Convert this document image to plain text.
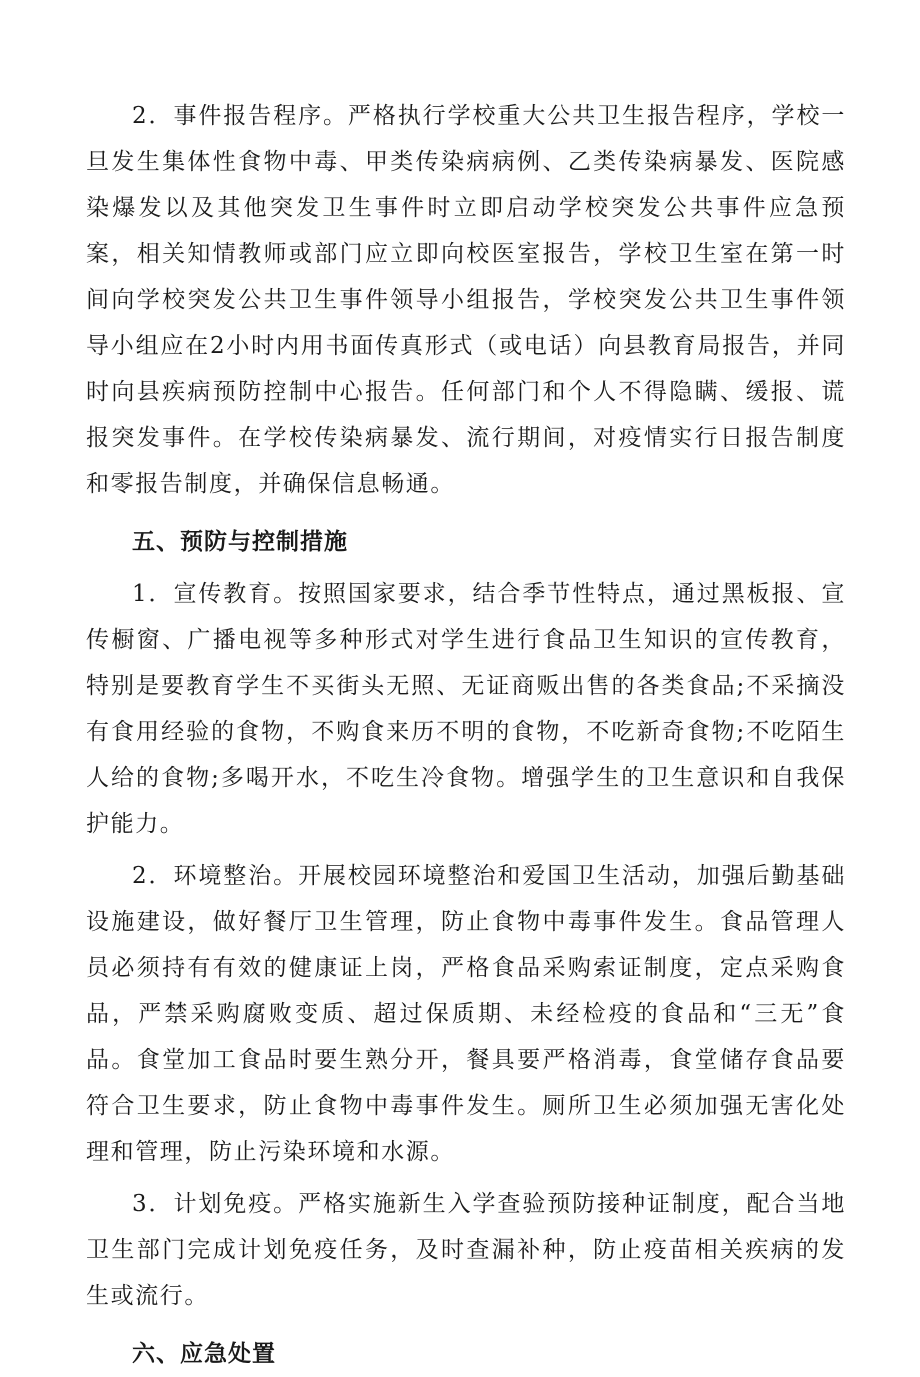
2．事件报告程序。严格执行学校重大公共卫生报告程序，学校一旦发生集体性食物中毒、甲类传染病病例、乙类传染病暴发、医院感染爆发以及其他突发卫生事件时立即启动学校突发公共事件应急预案，相关知情教师或部门应立即向校医室报告，学校卫生室在第一时间向学校突发公共卫生事件领导小组报告，学校突发公共卫生事件领导小组应在2小时内用书面传真形式（或电话）向县教育局报告，并同时向县疾病预防控制中心报告。任何部门和个人不得隐瞒、缓报、谎报突发事件。在学校传染病暴发、流行期间，对疫情实行日报告制度和零报告制度，并确保信息畅通。

五、预防与控制措施

1．宣传教育。按照国家要求，结合季节性特点，通过黑板报、宣传橱窗、广播电视等多种形式对学生进行食品卫生知识的宣传教育，特别是要教育学生不买街头无照、无证商贩出售的各类食品;不采摘没有食用经验的食物，不购食来历不明的食物，不吃新奇食物;不吃陌生人给的食物;多喝开水，不吃生冷食物。增强学生的卫生意识和自我保护能力。

2．环境整治。开展校园环境整治和爱国卫生活动，加强后勤基础设施建设，做好餐厅卫生管理，防止食物中毒事件发生。食品管理人员必须持有有效的健康证上岗，严格食品采购索证制度，定点采购食品，严禁采购腐败变质、超过保质期、未经检疫的食品和“三无”食品。食堂加工食品时要生熟分开，餐具要严格消毒，食堂储存食品要符合卫生要求，防止食物中毒事件发生。厕所卫生必须加强无害化处理和管理，防止污染环境和水源。

3．计划免疫。严格实施新生入学查验预防接种证制度，配合当地卫生部门完成计划免疫任务，及时查漏补种，防止疫苗相关疾病的发生或流行。

六、应急处置
